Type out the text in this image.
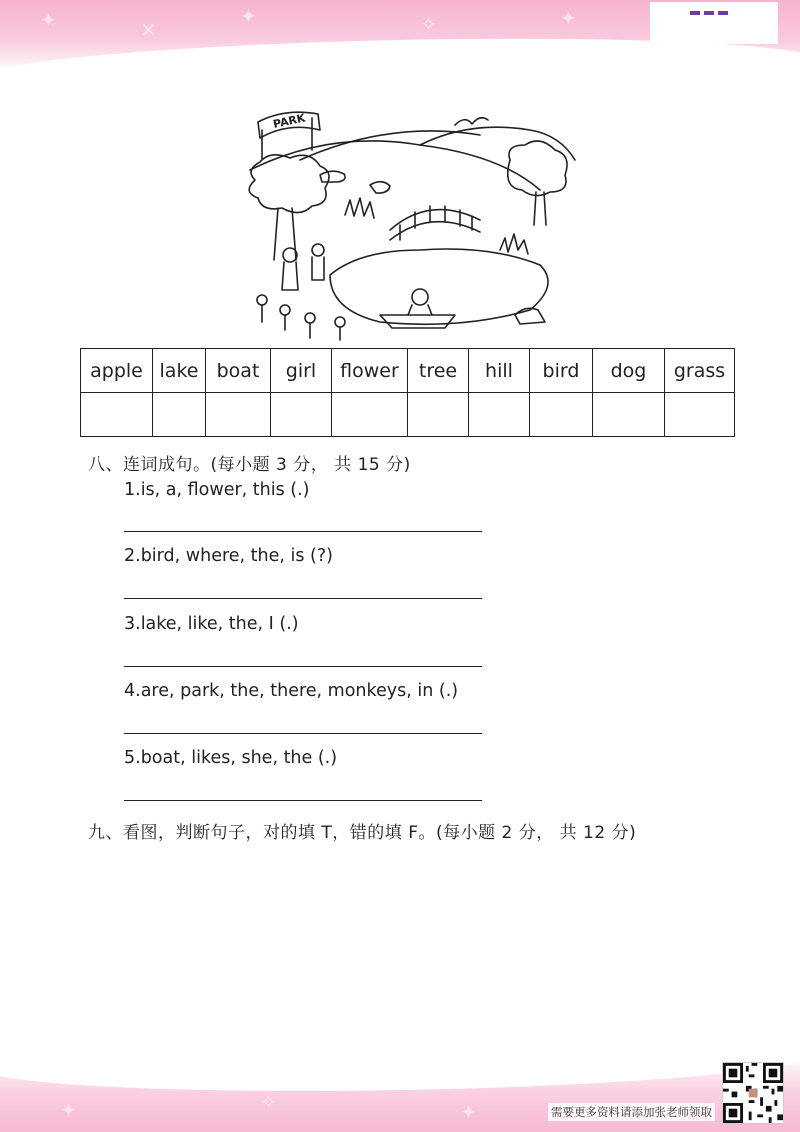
✦	✕
✦	✧	✦
PARK
apple	lake	boat	girl	flower	tree	hill	bird	dog	grass

八、连词成句。(每小题 3 分， 共 15 分)
1.is, a, flower, this (.)
2.bird, where, the, is (?)
3.lake, like, the, I (.)
4.are, park, the, there, monkeys, in (.)
5.boat, likes, she, the (.)
九、看图，判断句子，对的填 T，错的填 F。(每小题 2 分， 共 12 分)
✦	✧	✦	需要更多资料请添加张老师领取
